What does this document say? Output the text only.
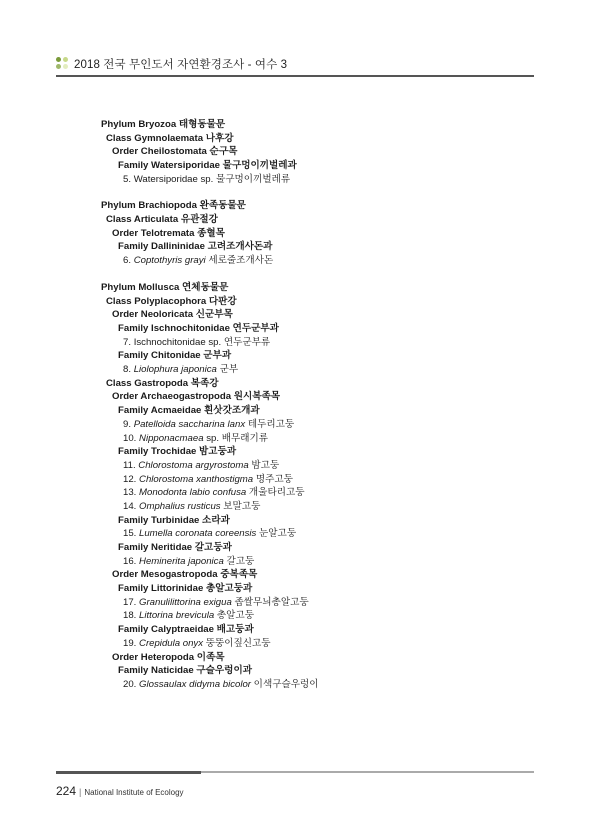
2018 전국 무인도서 자연환경조사 - 여수 3
Phylum Bryozoa 태형동물문
Class Gymnolaemata 나후강
Order Cheilostomata 순구목
Family Watersiporidae 물구멍이끼벌레과
5. Watersiporidae sp. 물구멍이끼벌레류
Phylum Brachiopoda 완족동물문
Class Articulata 유관절강
Order Telotremata 종혈목
Family Dallininidae 고려조개사돈과
6. Coptothyris grayi 세로줄조개사돈
Phylum Mollusca 연체동물문
Class Polyplacophora 다판강
Order Neoloricata 신군부목
Family Ischnochitonidae 연두군부과
7. Ischnochitonidae sp. 연두군부류
Family Chitonidae 군부과
8. Liolophura japonica 군부
Class Gastropoda 복족강
Order Archaeogastropoda 원시복족목
Family Acmaeidae 흰삿갓조개과
9. Patelloida saccharina lanx 테두리고둥
10. Nipponacmaea sp. 배무래기류
Family Trochidae 밤고둥과
11. Chlorostoma argyrostoma 밤고둥
12. Chlorostoma xanthostigma 명주고둥
13. Monodonta labio confusa 개울타리고둥
14. Omphalius rusticus 보말고둥
Family Turbinidae 소라과
15. Lumella coronata coreensis 눈알고둥
Family Neritidae 갈고둥과
16. Heminerita japonica 갈고둥
Order Mesogastropoda 중복족목
Family Littorinidae 총알고둥과
17. Granulilittorina exigua 좁쌀무늬총알고둥
18. Littorina brevicula 총알고둥
Family Calyptraeidae 배고둥과
19. Crepidula onyx 뚱뚱이짚신고둥
Order Heteropoda 이족목
Family Naticidae 구슬우렁이과
20. Glossaulax didyma bicolor 이색구슬우렁이
224 | National Institute of Ecology
